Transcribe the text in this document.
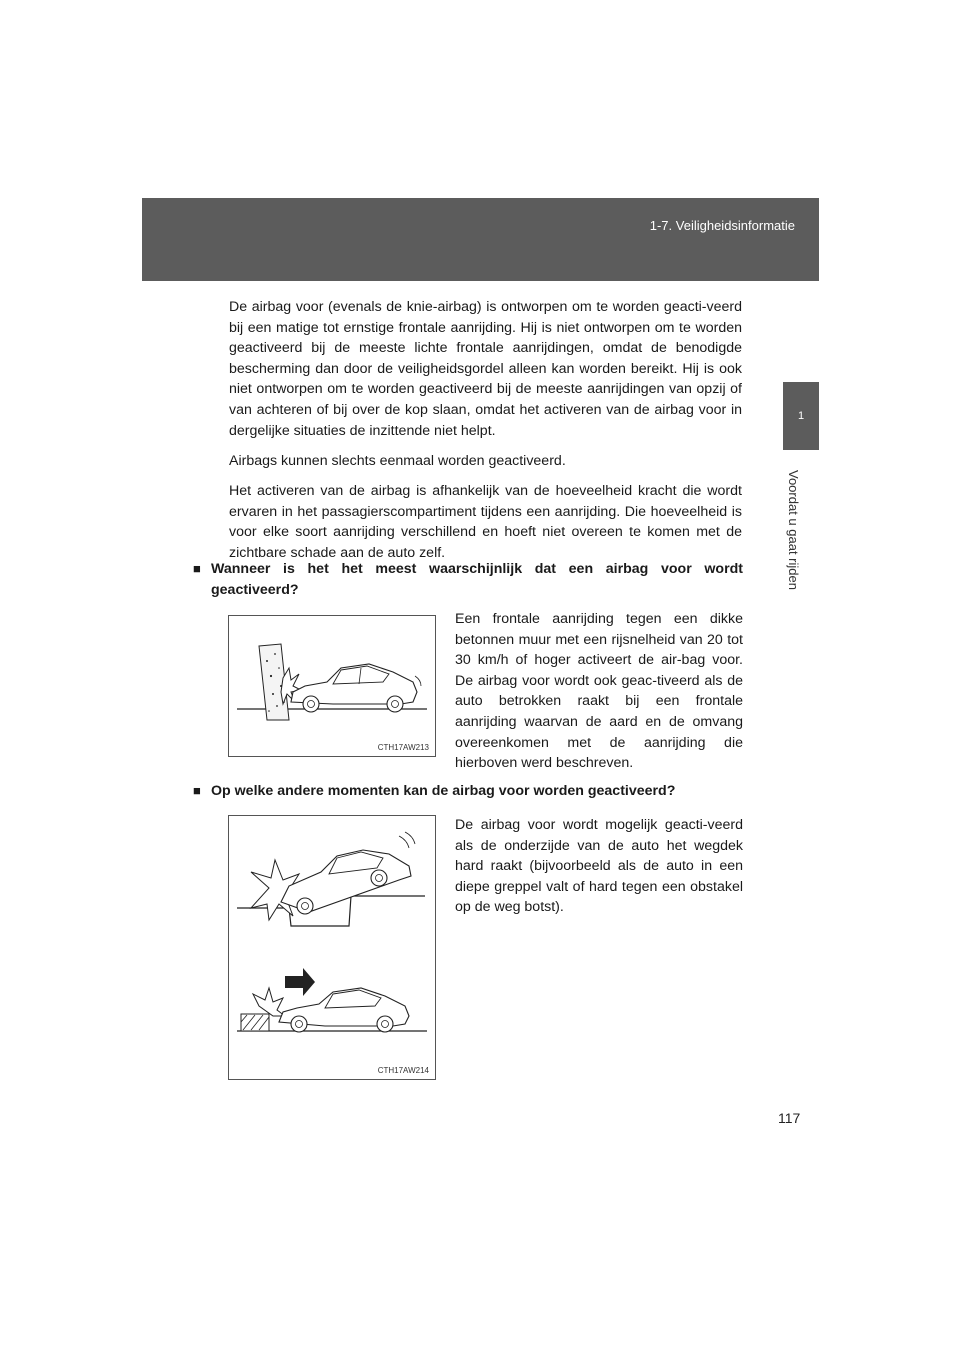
1-7. Veiligheidsinformatie
1
Voordat u gaat rijden

De airbag voor (evenals de knie-airbag) is ontworpen om te worden geacti-veerd bij een matige tot ernstige frontale aanrijding. Hij is niet ontworpen om te worden geactiveerd bij de meeste lichte frontale aanrijdingen, omdat de benodigde bescherming dan door de veiligheidsgordel alleen kan worden bereikt. Hij is ook niet ontworpen om te worden geactiveerd bij de meeste aanrijdingen van opzij of van achteren of bij over de kop slaan, omdat het activeren van de airbag voor in dergelijke situaties de inzittende niet helpt.

Airbags kunnen slechts eenmaal worden geactiveerd.

Het activeren van de airbag is afhankelijk van de hoeveelheid kracht die wordt ervaren in het passagierscompartiment tijdens een aanrijding. Die hoeveelheid is voor elke soort aanrijding verschillend en hoeft niet overeen te komen met de zichtbare schade aan de auto zelf.

■ Wanneer is het het meest waarschijnlijk dat een airbag voor wordt geactiveerd?
CTH17AW213

Een frontale aanrijding tegen een dikke betonnen muur met een rijsnelheid van 20 tot 30 km/h of hoger activeert de air-bag voor. De airbag voor wordt ook geac-tiveerd als de auto betrokken raakt bij een frontale aanrijding waarvan de aard en de omvang overeenkomen met de aanrijding die hierboven werd beschreven.

■ Op welke andere momenten kan de airbag voor worden geactiveerd?
CTH17AW214

De airbag voor wordt mogelijk geacti-veerd als de onderzijde van de auto het wegdek hard raakt (bijvoorbeeld als de auto in een diepe greppel valt of hard tegen een obstakel op de weg botst).

117
